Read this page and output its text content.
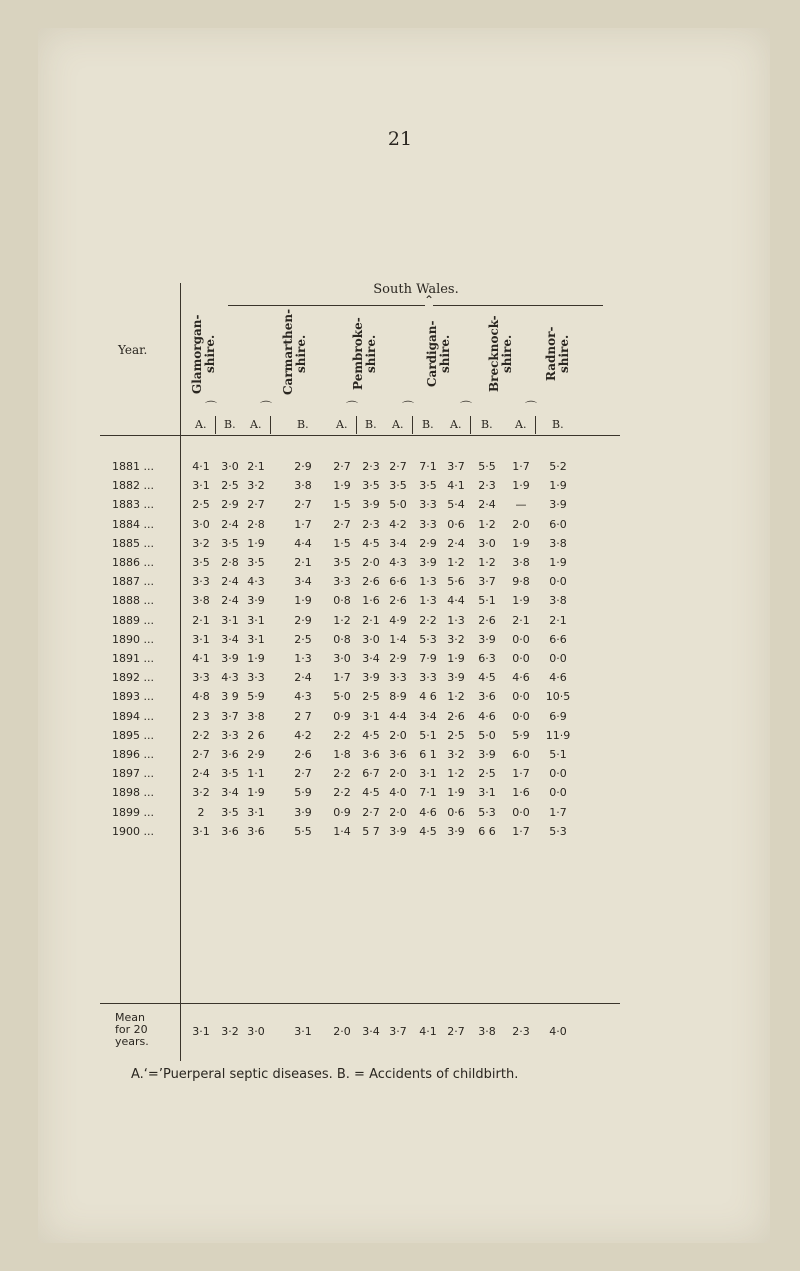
21
South Wales.
⌃
Year.	Glamorgan-
shire.
⌒
A. B.
Carmarthen-
shire.
⌒
A.	B.
Pembroke-
shire.
⌒
A. B.
Cardigan-
shire.
⌒
A. B.
Brecknock-
shire.
⌒
A. B.
Radnor-
shire.
⌒
A. B.
1881 ...	4·1	3·0 2·1	2·9	2·7	2·3 2·7	7·1 3·7	5·5	1·7	5·2
1882 ...	3·1	2·5 3·2	3·8	1·9	3·5 3·5	3·5 4·1	2·3	1·9	1·9
1883 ...	2·5	2·9 2·7	2·7	1·5	3·9 5·0	3·3 5·4	2·4	—	3·9
1884 ...	3·0	2·4 2·8	1·7	2·7	2·3 4·2	3·3 0·6	1·2	2·0	6·0
1885 ...	3·2	3·5 1·9	4·4	1·5	4·5 3·4	2·9 2·4	3·0	1·9	3·8
1886 ...	3·5	2·8 3·5	2·1	3·5	2·0 4·3	3·9 1·2	1·2	3·8	1·9
1887 ...	3·3	2·4 4·3	3·4	3·3	2·6 6·6	1·3 5·6	3·7	9·8	0·0
1888 ...	3·8	2·4 3·9	1·9	0·8	1·6 2·6	1·3 4·4	5·1	1·9	3·8
1889 ...	2·1	3·1 3·1	2·9	1·2	2·1 4·9	2·2 1·3	2·6	2·1	2·1
1890 ...	3·1	3·4 3·1	2·5	0·8	3·0 1·4	5·3 3·2	3·9	0·0	6·6
1891 ...	4·1	3·9 1·9	1·3	3·0	3·4 2·9	7·9 1·9	6·3	0·0	0·0
1892 ...	3·3	4·3 3·3	2·4	1·7	3·9 3·3	3·3 3·9	4·5	4·6	4·6
1893 ...	4·8	3 9 5·9	4·3	5·0	2·5 8·9	4 6 1·2	3·6	0·0	10·5
1894 ...	2 3	3·7 3·8	2 7	0·9	3·1 4·4	3·4 2·6	4·6	0·0	6·9
1895 ...	2·2	3·3 2 6	4·2	2·2	4·5 2·0	5·1 2·5	5·0	5·9	11·9
1896 ...	2·7	3·6 2·9	2·6	1·8	3·6 3·6	6 1 3·2	3·9	6·0	5·1
1897 ...	2·4	3·5 1·1	2·7	2·2	6·7 2·0	3·1 1·2	2·5	1·7	0·0
1898 ...	3·2	3·4 1·9	5·9	2·2	4·5 4·0	7·1 1·9	3·1	1·6	0·0
1899 ...	2	3·5 3·1	3·9	0·9	2·7 2·0	4·6 0·6	5·3	0·0	1·7
1900 ...	3·1	3·6 3·6	5·5	1·4	5 7 3·9	4·5 3·9	6 6	1·7	5·3
3·1	3·2 3·0	3·1	2·0	3·4 3·7	4·1 2·7	3·8	2·3	4·0
Mean
for 20
years.
A.‘=’Puerperal septic diseases. B. = Accidents of childbirth.
